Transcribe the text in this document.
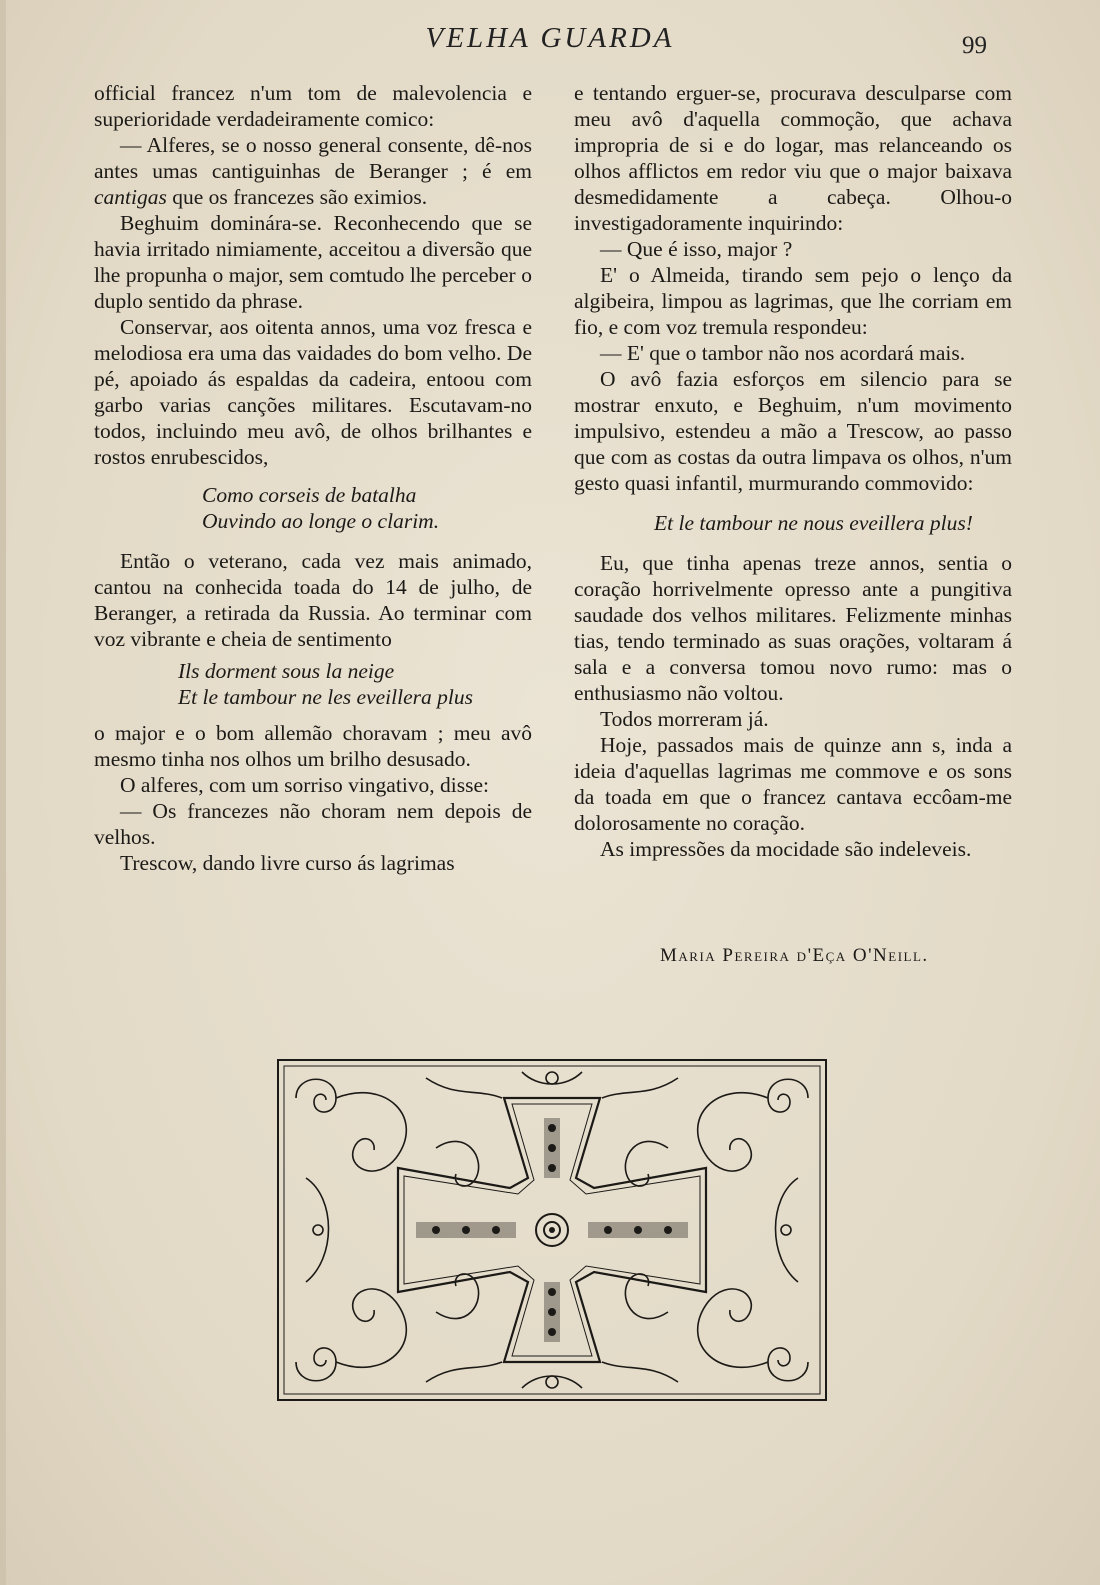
VELHA GUARDA	99

official francez n'um tom de malevolencia e superioridade verdadeiramente comico:

— Alferes, se o nosso general consente, dê-nos antes umas cantiguinhas de Beranger ; é em cantigas que os francezes são eximios.

Beghuim dominára-se. Reconhecendo que se havia irritado nimiamente, acceitou a diversão que lhe propunha o major, sem comtudo lhe perceber o duplo sentido da phrase.

Conservar, aos oitenta annos, uma voz fresca e melodiosa era uma das vaidades do bom velho. De pé, apoiado ás espaldas da cadeira, entoou com garbo varias canções militares. Escutavam-no todos, incluindo meu avô, de olhos brilhantes e rostos enrubescidos,

Como corseis de batalha

Ouvindo ao longe o clarim.

Então o veterano, cada vez mais animado, cantou na conhecida toada do 14 de julho, de Beranger, a retirada da Russia. Ao terminar com voz vibrante e cheia de sentimento

Ils dorment sous la neige

Et le tambour ne les eveillera plus

o major e o bom allemão choravam ; meu avô mesmo tinha nos olhos um brilho desusado.

O alferes, com um sorriso vingativo, disse:

— Os francezes não choram nem depois de velhos.

Trescow, dando livre curso ás lagrimas

e tentando erguer-se, procurava desculparse com meu avô d'aquella commoção, que achava impropria de si e do logar, mas relanceando os olhos afflictos em redor viu que o major baixava desmedidamente a cabeça. Olhou-o investigadoramente inquirindo:

— Que é isso, major ?

E' o Almeida, tirando sem pejo o lenço da algibeira, limpou as lagrimas, que lhe corriam em fio, e com voz tremula respondeu:

— E' que o tambor não nos acordará mais.

O avô fazia esforços em silencio para se mostrar enxuto, e Beghuim, n'um movimento impulsivo, estendeu a mão a Trescow, ao passo que com as costas da outra limpava os olhos, n'um gesto quasi infantil, murmurando commovido:

Et le tambour ne nous eveillera plus!

Eu, que tinha apenas treze annos, sentia o coração horrivelmente opresso ante a pungitiva saudade dos velhos militares. Felizmente minhas tias, tendo terminado as suas orações, voltaram á sala e a conversa tomou novo rumo: mas o enthusiasmo não voltou.

Todos morreram já.

Hoje, passados mais de quinze ann s, inda a ideia d'aquellas lagrimas me commove e os sons da toada em que o francez cantava eccôam-me dolorosamente no coração.

As impressões da mocidade são indeleveis.

Maria Pereira d'Eça O'Neill.
